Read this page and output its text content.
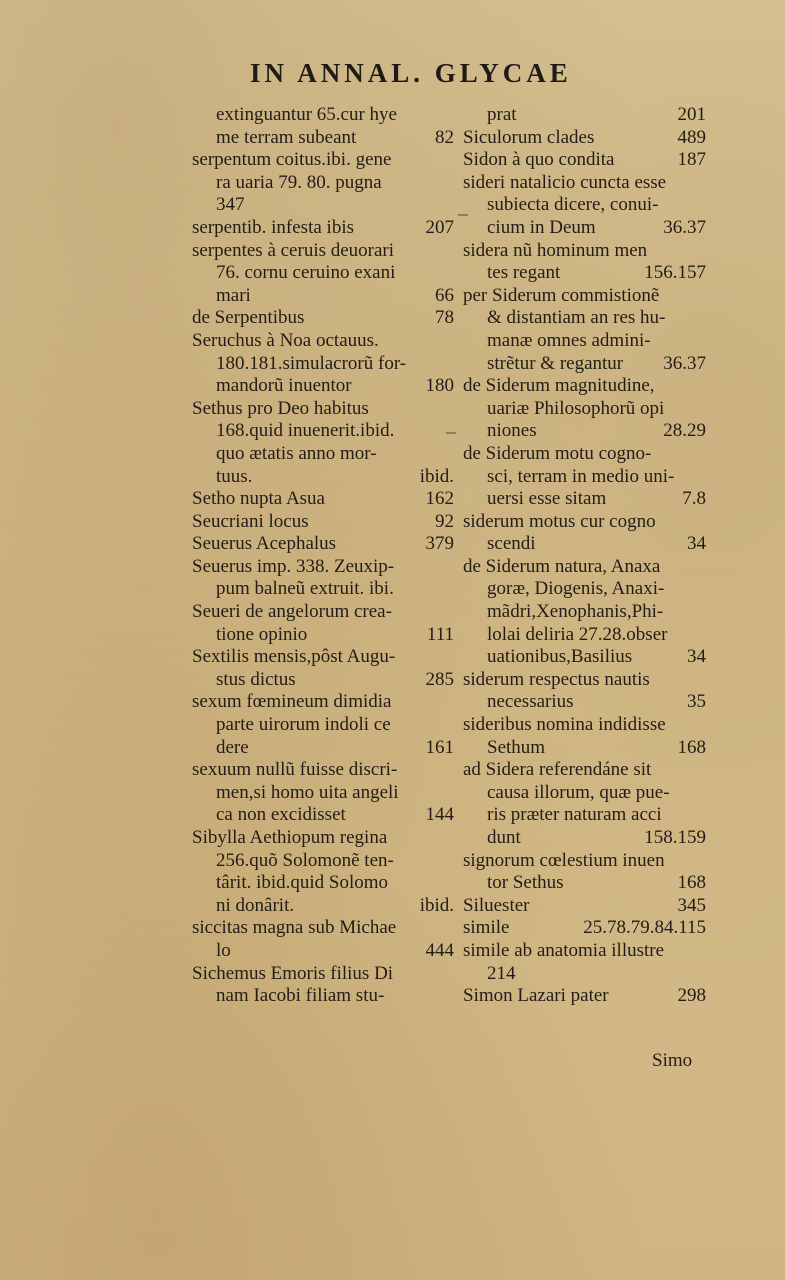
IN ANNAL. GLYCAE
extinguantur 65.cur hye
me terram subeant	82
serpentum coitus.ibi. gene
ra uaria 79. 80. pugna
347
serpentib. infesta ibis	207
serpentes à ceruis deuorari
76. cornu ceruino exani
mari	66
de Serpentibus	78
Seruchus à Noa octauus.
180.181.simulacrorũ for-
mandorũ inuentor	180
Sethus pro Deo habitus
168.quid inuenerit.ibid.
quo ætatis anno mor-
tuus.	ibid.
Setho nupta Asua	162
Seucriani locus	92
Seuerus Acephalus	379
Seuerus imp. 338. Zeuxip-
pum balneũ extruit. ibi.
Seueri de angelorum crea-
tione opinio	111
Sextilis mensis,pôst Augu-
stus dictus	285
sexum fœmineum dimidia
parte uirorum indoli ce
dere	161
sexuum nullũ fuisse discri-
men,si homo uita angeli
ca non excidisset	144
Sibylla Aethiopum regina
256.quõ Solomonẽ ten-
târit. ibid.quid Solomo
ni donârit.	ibid.
siccitas magna sub Michae
lo	444
Sichemus Emoris filius Di
nam Iacobi filiam stu-
prat	201
Siculorum clades	489
Sidon à quo condita	187
sideri natalicio cuncta esse
subiecta dicere, conui-
cium in Deum	36.37
sidera nũ hominum men
tes regant	156.157
per Siderum commistionẽ
& distantiam an res hu-
manæ omnes admini-
strẽtur & regantur 36.37
de Siderum magnitudine,
uariæ Philosophorũ opi
niones	28.29
de Siderum motu cogno-
sci, terram in medio uni-
uersi esse sitam	7.8
siderum motus cur cogno
scendi	34
de Siderum natura, Anaxa
goræ, Diogenis, Anaxi-
mãdri,Xenophanis,Phi-
lolai deliria 27.28.obser
uationibus,Basilius	34
siderum respectus nautis
necessarius	35
sideribus nomina indidisse
Sethum	168
ad Sidera referendáne sit
causa illorum, quæ pue-
ris præter naturam acci
dunt	158.159
signorum cœlestium inuen
tor Sethus	168
Siluester	345
simile	25.78.79.84.115
simile ab anatomia illustre
214
Simon Lazari pater	298
Simo
